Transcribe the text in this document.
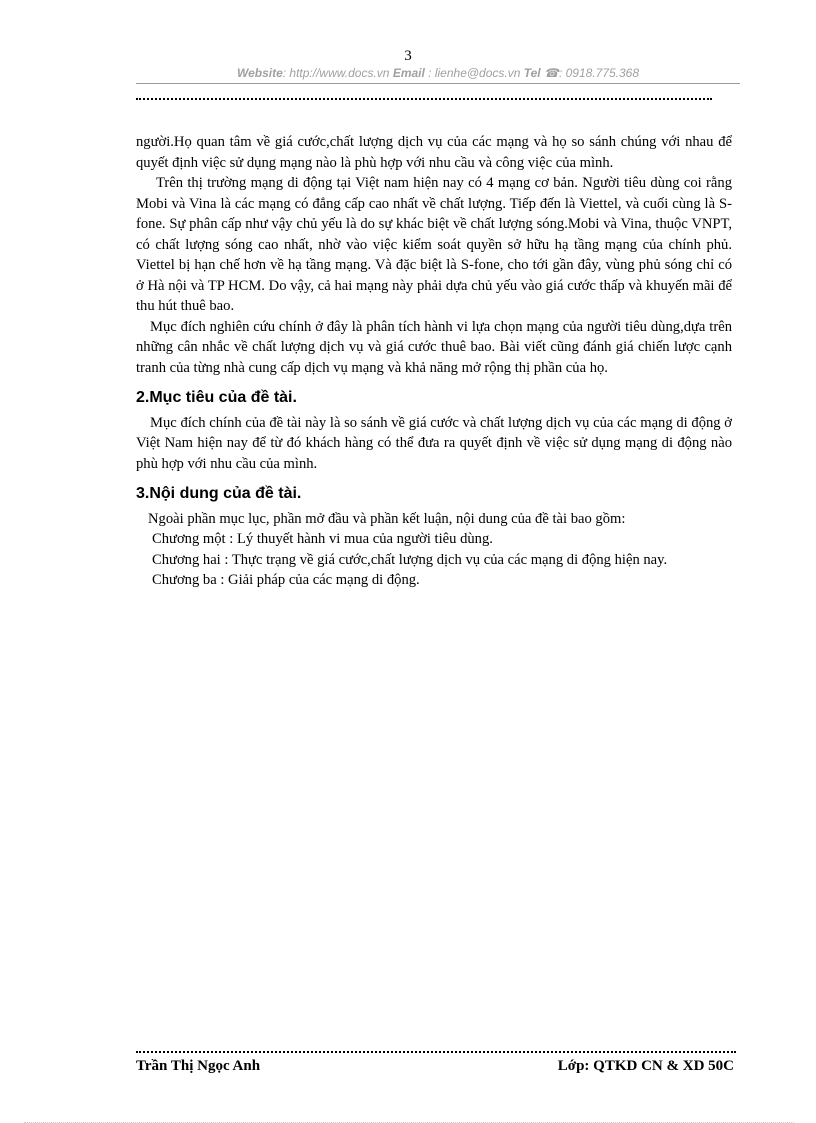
3
Website: http://www.docs.vn Email : lienhe@docs.vn Tel ☎: 0918.775.368

người.Họ quan tâm về giá cước,chất lượng dịch vụ của các mạng và họ so sánh chúng với nhau để quyết định việc sử dụng mạng nào là phù hợp với nhu cầu và công việc của mình.

Trên thị trường mạng di động tại Việt nam hiện nay có 4 mạng cơ bản. Người tiêu dùng coi rằng Mobi và Vina là các mạng có đẳng cấp cao nhất về chất lượng. Tiếp đến là Viettel, và cuối cùng là S-fone. Sự phân cấp như vậy chủ yếu là do sự khác biệt về chất lượng sóng.Mobi và Vina, thuộc VNPT, có chất lượng sóng cao nhất, nhờ vào việc kiểm soát quyền sở hữu hạ tầng mạng của chính phủ. Viettel bị hạn chế hơn về hạ tầng mạng. Và đặc biệt là S-fone, cho tới gần đây, vùng phủ sóng chỉ có ở Hà nội và TP HCM. Do vậy, cả hai mạng này phải dựa chủ yếu vào giá cước thấp và khuyến mãi để thu hút thuê bao.

Mục đích nghiên cứu chính ở đây là phân tích hành vi lựa chọn mạng của người tiêu dùng,dựa trên những cân nhắc về chất lượng dịch vụ và giá cước thuê bao. Bài viết cũng đánh giá chiến lược cạnh tranh của từng nhà cung cấp dịch vụ mạng và khả năng mở rộng thị phần của họ.

2.Mục tiêu của đề tài.

Mục đích chính của đề tài này là so sánh về giá cước và chất lượng dịch vụ của các mạng di động ở Việt Nam hiện nay để từ đó khách hàng có thể đưa ra quyết định về việc sử dụng mạng di động nào phù hợp với nhu cầu của mình.

3.Nội dung của đề tài.

Ngoài phần mục lục, phần mở đầu và phần kết luận, nội dung của đề tài bao gồm:

Chương một : Lý thuyết hành vi mua của người tiêu dùng.

Chương hai : Thực trạng về giá cước,chất lượng dịch vụ của các mạng di động hiện nay.

Chương ba : Giải pháp của các mạng di động.

Trần Thị Ngọc Anh	Lớp: QTKD CN & XD 50C
